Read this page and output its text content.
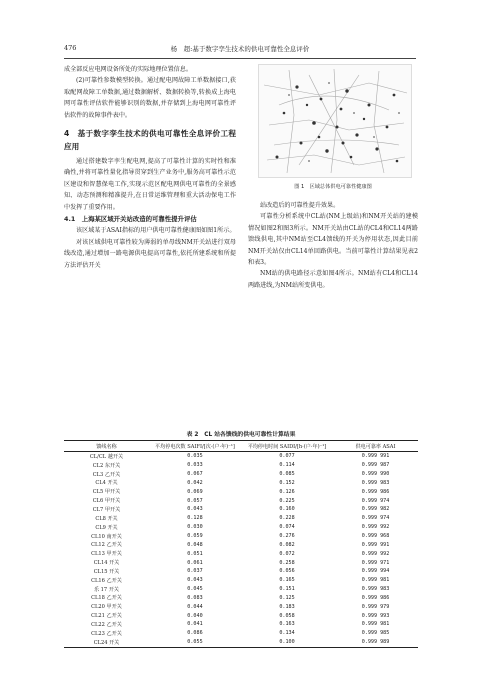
476	杨　超:基于数字孪生技术的供电可靠性全息评价

成全部反应电网设备所处的实际地理位置信息。

(2)可靠性参数模型转换。通过配电网故障工单数据接口,获取配网故障工单数据,通过数据解析、数据转换等,转换成上海电网可靠性评估软件能够识别的数据,并存储到上海电网可靠性评估软件的故障事件表中。

4　基于数字孪生技术的供电可靠性全息评价工程应用

通过搭建数字孪生配电网,提高了可靠性计算的实时性和准确性,并将可靠性量化指导贯穿到生产业务中,服务高可靠性示范区建设和智慧保电工作,实现示范区配电网供电可靠性的全景感知、动态预测和精准提升,在日常运维管理和重大活动保电工作中发挥了重要作用。

4.1　上海某区域开关站改造的可靠性提升评估

该区域某于ASAI指标的用户供电可靠性健康图如图1所示。

对该区域供电可靠性较为薄弱的单母线NM开关站进行双母线改造,通过增加一路电源供电提高可靠性,依托所建系统和所提方法评估开关

图 1　区域总体供电可靠性健康图

站改造后的可靠性提升效果。

可靠性分析系统中CL站(NM上级站)和NM开关站的建模情况如图2和图3所示。NM开关站由CL站的CL4和CL14两路馈线供电,其中NM站至CL4馈线的开关为停用状态,因此目前NM开关站仅由CL14单回路供电。当前可靠性计算结果见表2和表3。

NM站的供电路径示意如图4所示。NM站有CL4和CL14两路进线,为NM站所变供电。

表 2　CL 站各馈线的供电可靠性计算结果
馈线名称	平均停电次数 SAIFI/[次·(户·年)⁻¹]	平均停电时间 SAIDI/[h·(户·年)⁻¹]	供电可靠率 ASAI
CL/CL 越开关	0.035	0.077	0.999 991
CL2 东开关	0.033	0.114	0.999 987
CL3 乙开关	0.067	0.085	0.999 990
CL4 开关	0.042	0.152	0.999 983
CL5 甲开关	0.069	0.126	0.999 986
CL6 甲开关	0.057	0.225	0.999 974
CL7 甲开关	0.043	0.160	0.999 982
CL8 开关	0.128	0.228	0.999 974
CL9 开关	0.030	0.074	0.999 992
CL10 南开关	0.059	0.276	0.999 968
CL12 乙开关	0.048	0.082	0.999 991
CL13 甲开关	0.051	0.072	0.999 992
CL14 开关	0.061	0.258	0.999 971
CL15 开关	0.037	0.056	0.999 994
CL16 乙开关	0.043	0.165	0.999 981
乐 17 开关	0.045	0.151	0.999 983
CL18 乙开关	0.083	0.125	0.999 986
CL20 甲开关	0.044	0.183	0.999 979
CL21 乙开关	0.040	0.058	0.999 993
CL22 乙开关	0.041	0.163	0.999 981
CL23 乙开关	0.086	0.134	0.999 985
CL24 开关	0.055	0.100	0.999 989
